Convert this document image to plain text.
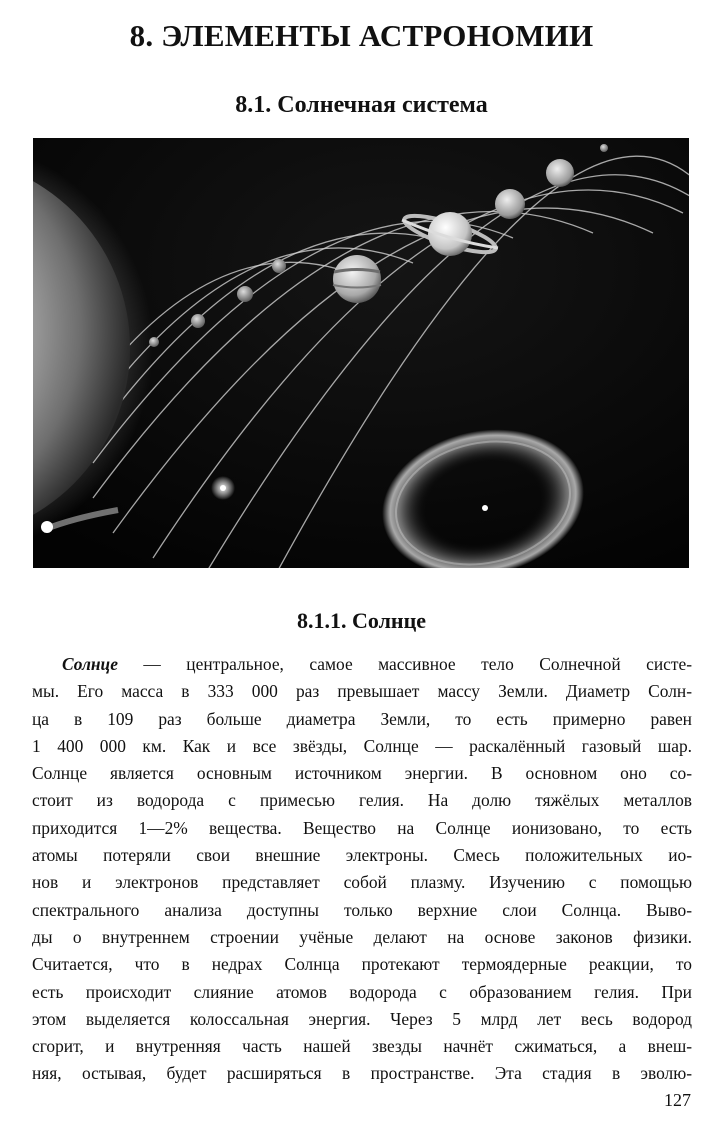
8. ЭЛЕМЕНТЫ АСТРОНОМИИ
8.1. Солнечная система
8.1.1. Солнце
Солнце — центральное, самое массивное тело Солнечной систе-
мы. Его масса в 333 000 раз превышает массу Земли. Диаметр Солн-
ца в 109 раз больше диаметра Земли, то есть примерно равен
1 400 000 км. Как и все звёзды, Солнце — раскалённый газовый шар.
Солнце является основным источником энергии. В основном оно со-
стоит из водорода с примесью гелия. На долю тяжёлых металлов
приходится 1—2% вещества. Вещество на Солнце ионизовано, то есть
атомы потеряли свои внешние электроны. Смесь положительных ио-
нов и электронов представляет собой плазму. Изучению с помощью
спектрального анализа доступны только верхние слои Солнца. Выво-
ды о внутреннем строении учёные делают на основе законов физики.
Считается, что в недрах Солнца протекают термоядерные реакции, то
есть происходит слияние атомов водорода с образованием гелия. При
этом выделяется колоссальная энергия. Через 5 млрд лет весь водород
сгорит, и внутренняя часть нашей звезды начнёт сжиматься, а внеш-
няя, остывая, будет расширяться в пространстве. Эта стадия в эволю-
127
